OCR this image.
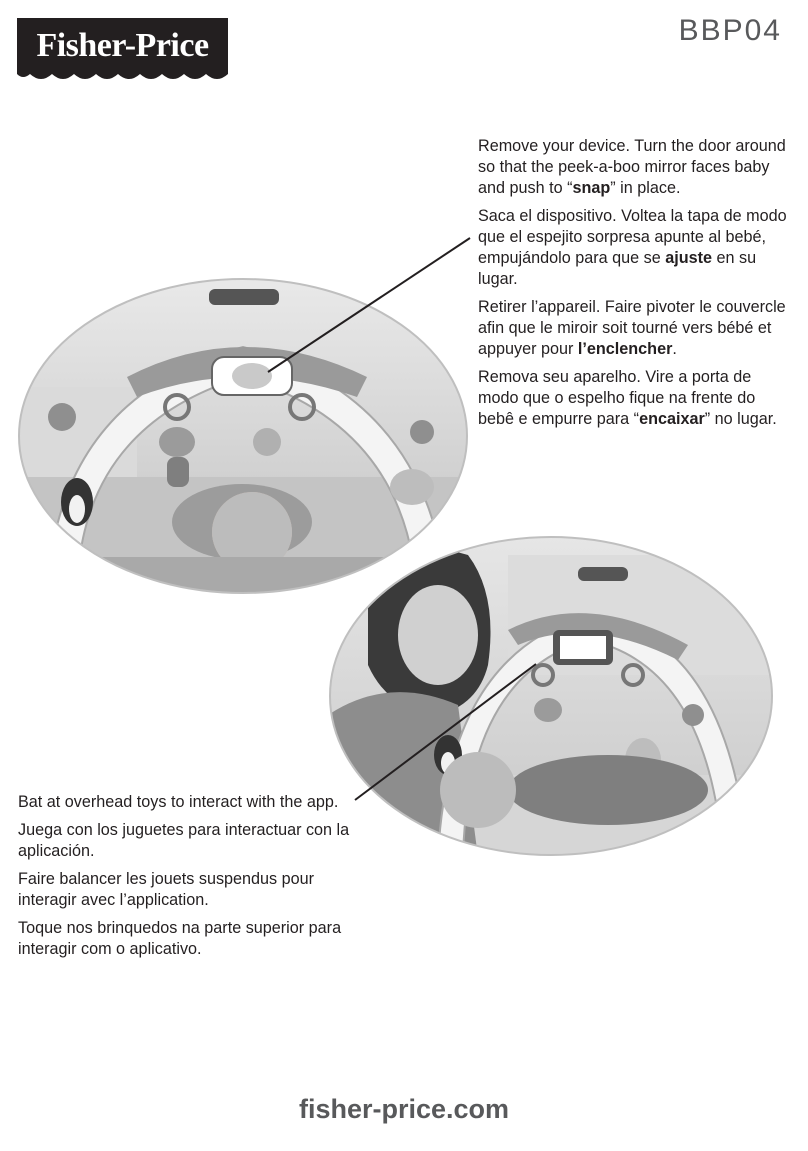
Fisher-Price	BBP04

Remove your device. Turn the door around so that the peek-a-boo mirror faces baby and push to “snap” in place.

Saca el dispositivo. Voltea la tapa de modo que el espejito sorpresa apunte al bebé, empujándolo para que se ajuste en su lugar.

Retirer l’appareil. Faire pivoter le couvercle afin que le miroir soit tourné vers bébé et appuyer pour l’enclencher.

Remova seu aparelho. Vire a porta de modo que o espelho fique na frente do bebê e empurre para “encaixar” no lugar.

Bat at overhead toys to interact with the app.

Juega con los juguetes para interactuar con la aplicación.

Faire balancer les jouets suspendus pour interagir avec l’application.

Toque nos brinquedos na parte superior para interagir com o aplicativo.

fisher-price.com
